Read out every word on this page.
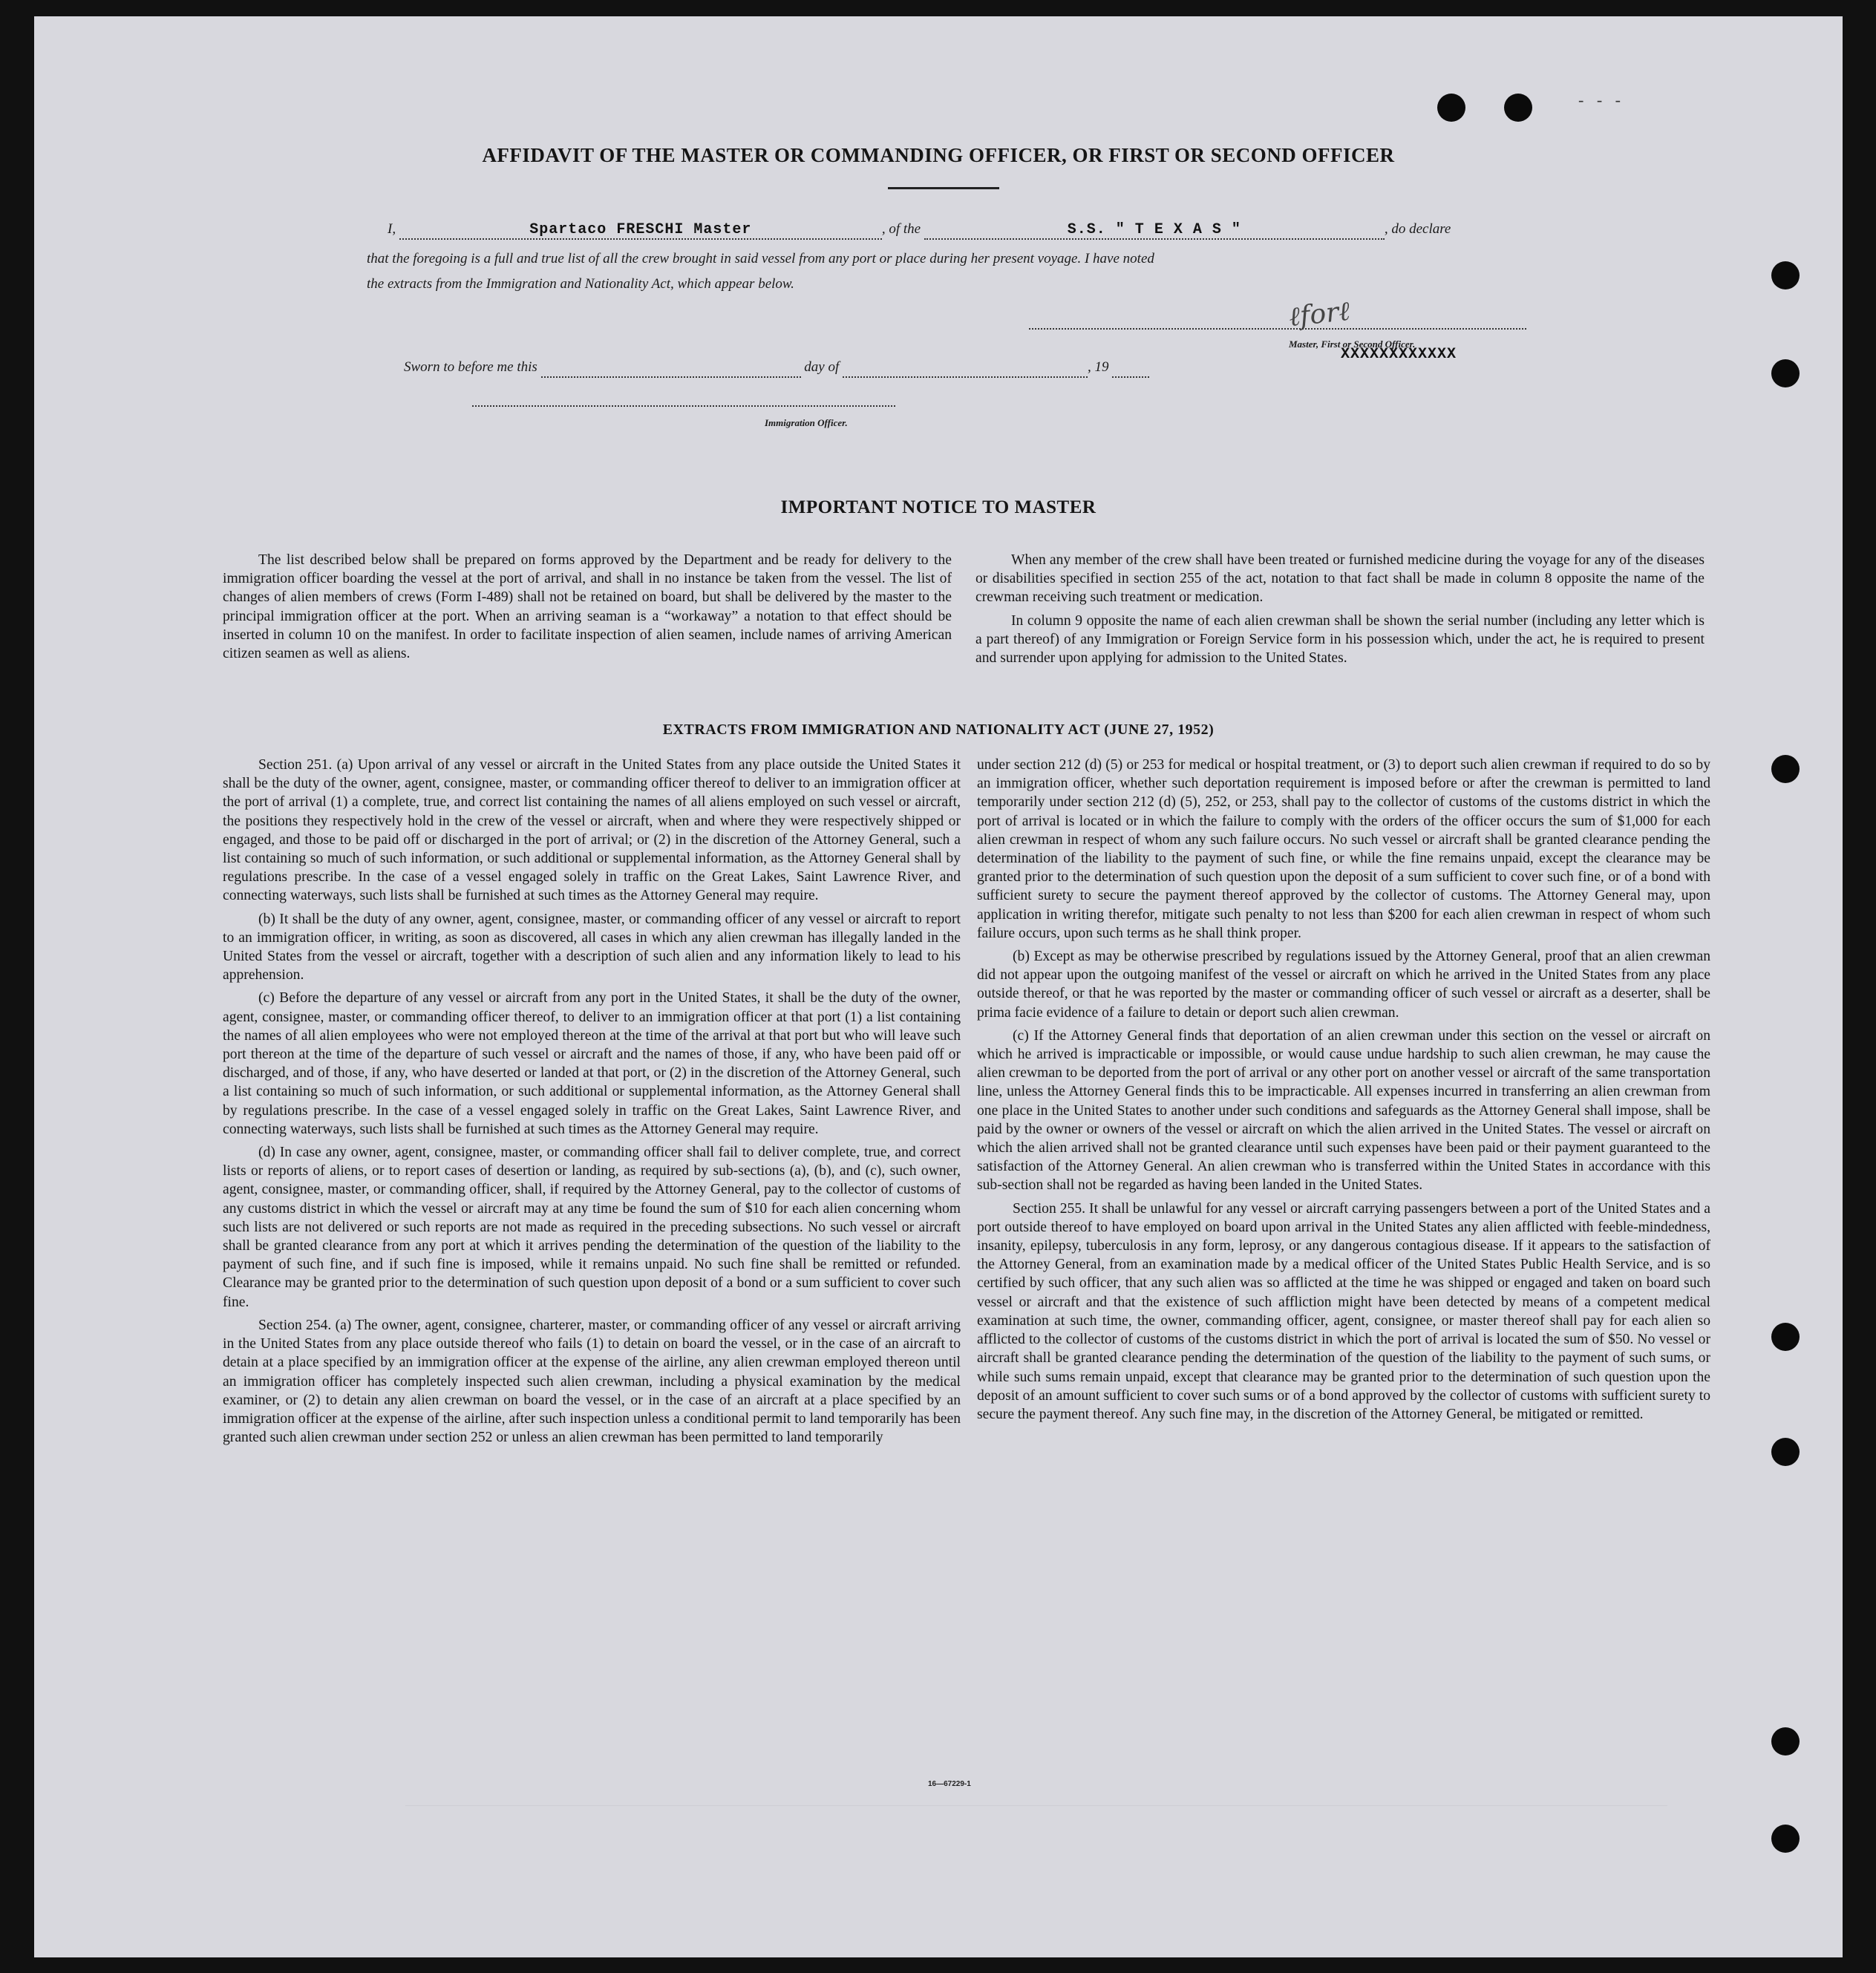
- - -
AFFIDAVIT OF THE MASTER OR COMMANDING OFFICER, OR FIRST OR SECOND OFFICER
I,	Spartaco FRESCHI Master	, of the	S.S. " T E X A S "	, do declare
that the foregoing is a full and true list of all the crew brought in said vessel from any port or place during her present voyage. I have noted
the extracts from the Immigration and Nationality Act, which appear below.
ℓforℓ
Master, First or Second Officer.
XXXXXXXXXXXX
Sworn to before me this	day of	, 19
Immigration Officer.
IMPORTANT NOTICE TO MASTER

The list described below shall be prepared on forms approved by the Department and be ready for delivery to the immigration officer boarding the vessel at the port of arrival, and shall in no instance be taken from the vessel. The list of changes of alien members of crews (Form I-489) shall not be retained on board, but shall be delivered by the master to the principal immigration officer at the port. When an arriving seaman is a “workaway” a notation to that effect should be inserted in column 10 on the manifest. In order to facilitate inspection of alien seamen, include names of arriving American citizen seamen as well as aliens.

When any member of the crew shall have been treated or furnished medicine during the voyage for any of the diseases or disabilities specified in section 255 of the act, notation to that fact shall be made in column 8 opposite the name of the crewman receiving such treatment or medication.

In column 9 opposite the name of each alien crewman shall be shown the serial number (including any letter which is a part thereof) of any Immigration or Foreign Service form in his possession which, under the act, he is required to present and surrender upon applying for admission to the United States.

EXTRACTS FROM IMMIGRATION AND NATIONALITY ACT (JUNE 27, 1952)

Section 251. (a) Upon arrival of any vessel or aircraft in the United States from any place outside the United States it shall be the duty of the owner, agent, consignee, master, or commanding officer thereof to deliver to an immigration officer at the port of arrival (1) a complete, true, and correct list containing the names of all aliens employed on such vessel or aircraft, the positions they respectively hold in the crew of the vessel or aircraft, when and where they were respectively shipped or engaged, and those to be paid off or discharged in the port of arrival; or (2) in the discretion of the Attorney General, such a list containing so much of such information, or such additional or supplemental information, as the Attorney General shall by regulations prescribe. In the case of a vessel engaged solely in traffic on the Great Lakes, Saint Lawrence River, and connecting waterways, such lists shall be furnished at such times as the Attorney General may require.

(b) It shall be the duty of any owner, agent, consignee, master, or commanding officer of any vessel or aircraft to report to an immigration officer, in writing, as soon as discovered, all cases in which any alien crewman has illegally landed in the United States from the vessel or aircraft, together with a description of such alien and any information likely to lead to his apprehension.

(c) Before the departure of any vessel or aircraft from any port in the United States, it shall be the duty of the owner, agent, consignee, master, or commanding officer thereof, to deliver to an immigration officer at that port (1) a list containing the names of all alien employees who were not employed thereon at the time of the arrival at that port but who will leave such port thereon at the time of the departure of such vessel or aircraft and the names of those, if any, who have been paid off or discharged, and of those, if any, who have deserted or landed at that port, or (2) in the discretion of the Attorney General, such a list containing so much of such information, or such additional or supplemental information, as the Attorney General shall by regulations prescribe. In the case of a vessel engaged solely in traffic on the Great Lakes, Saint Lawrence River, and connecting waterways, such lists shall be furnished at such times as the Attorney General may require.

(d) In case any owner, agent, consignee, master, or commanding officer shall fail to deliver complete, true, and correct lists or reports of aliens, or to report cases of desertion or landing, as required by sub-sections (a), (b), and (c), such owner, agent, consignee, master, or commanding officer, shall, if required by the Attorney General, pay to the collector of customs of any customs district in which the vessel or aircraft may at any time be found the sum of $10 for each alien concerning whom such lists are not delivered or such reports are not made as required in the preceding subsections. No such vessel or aircraft shall be granted clearance from any port at which it arrives pending the determination of the question of the liability to the payment of such fine, and if such fine is imposed, while it remains unpaid. No such fine shall be remitted or refunded. Clearance may be granted prior to the determination of such question upon deposit of a bond or a sum sufficient to cover such fine.

Section 254. (a) The owner, agent, consignee, charterer, master, or commanding officer of any vessel or aircraft arriving in the United States from any place outside thereof who fails (1) to detain on board the vessel, or in the case of an aircraft to detain at a place specified by an immigration officer at the expense of the airline, any alien crewman employed thereon until an immigration officer has completely inspected such alien crewman, including a physical examination by the medical examiner, or (2) to detain any alien crewman on board the vessel, or in the case of an aircraft at a place specified by an immigration officer at the expense of the airline, after such inspection unless a conditional permit to land temporarily has been granted such alien crewman under section 252 or unless an alien crewman has been permitted to land temporarily

under section 212 (d) (5) or 253 for medical or hospital treatment, or (3) to deport such alien crewman if required to do so by an immigration officer, whether such deportation requirement is imposed before or after the crewman is permitted to land temporarily under section 212 (d) (5), 252, or 253, shall pay to the collector of customs of the customs district in which the port of arrival is located or in which the failure to comply with the orders of the officer occurs the sum of $1,000 for each alien crewman in respect of whom any such failure occurs. No such vessel or aircraft shall be granted clearance pending the determination of the liability to the payment of such fine, or while the fine remains unpaid, except the clearance may be granted prior to the determination of such question upon the deposit of a sum sufficient to cover such fine, or of a bond with sufficient surety to secure the payment thereof approved by the collector of customs. The Attorney General may, upon application in writing therefor, mitigate such penalty to not less than $200 for each alien crewman in respect of whom such failure occurs, upon such terms as he shall think proper.

(b) Except as may be otherwise prescribed by regulations issued by the Attorney General, proof that an alien crewman did not appear upon the outgoing manifest of the vessel or aircraft on which he arrived in the United States from any place outside thereof, or that he was reported by the master or commanding officer of such vessel or aircraft as a deserter, shall be prima facie evidence of a failure to detain or deport such alien crewman.

(c) If the Attorney General finds that deportation of an alien crewman under this section on the vessel or aircraft on which he arrived is impracticable or impossible, or would cause undue hardship to such alien crewman, he may cause the alien crewman to be deported from the port of arrival or any other port on another vessel or aircraft of the same transportation line, unless the Attorney General finds this to be impracticable. All expenses incurred in transferring an alien crewman from one place in the United States to another under such conditions and safeguards as the Attorney General shall impose, shall be paid by the owner or owners of the vessel or aircraft on which the alien arrived in the United States. The vessel or aircraft on which the alien arrived shall not be granted clearance until such expenses have been paid or their payment guaranteed to the satisfaction of the Attorney General. An alien crewman who is transferred within the United States in accordance with this sub-section shall not be regarded as having been landed in the United States.

Section 255. It shall be unlawful for any vessel or aircraft carrying passengers between a port of the United States and a port outside thereof to have employed on board upon arrival in the United States any alien afflicted with feeble-mindedness, insanity, epilepsy, tuberculosis in any form, leprosy, or any dangerous contagious disease. If it appears to the satisfaction of the Attorney General, from an examination made by a medical officer of the United States Public Health Service, and is so certified by such officer, that any such alien was so afflicted at the time he was shipped or engaged and taken on board such vessel or aircraft and that the existence of such affliction might have been detected by means of a competent medical examination at such time, the owner, commanding officer, agent, consignee, or master thereof shall pay for each alien so afflicted to the collector of customs of the customs district in which the port of arrival is located the sum of $50. No vessel or aircraft shall be granted clearance pending the determination of the question of the liability to the payment of such sums, or while such sums remain unpaid, except that clearance may be granted prior to the determination of such question upon the deposit of an amount sufficient to cover such sums or of a bond approved by the collector of customs with sufficient surety to secure the payment thereof. Any such fine may, in the discretion of the Attorney General, be mitigated or remitted.

16—67229-1
